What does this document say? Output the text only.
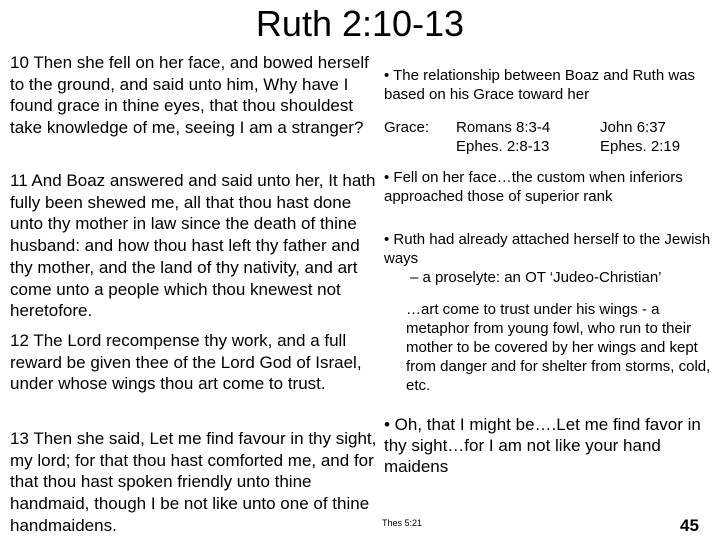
Ruth 2:10-13

10 Then she fell on her face, and bowed herself to the ground, and said unto him, Why have I found grace in thine eyes, that thou shouldest take knowledge of me, seeing I am a stranger?

11 And Boaz answered and said unto her, It hath fully been shewed me, all that thou hast done unto thy mother in law since the death of thine husband: and how thou hast left thy father and thy mother, and the land of thy nativity, and art come unto a people which thou knewest not heretofore.

12 The Lord recompense thy work, and a full reward be given thee of the Lord God of Israel, under whose wings thou art come to trust.

13 Then she said, Let me find favour in thy sight, my lord; for that thou hast comforted me, and for that thou hast spoken friendly unto thine handmaid, though I be not like unto one of thine handmaidens.

• The relationship between Boaz and Ruth was based on his Grace toward her
Grace: Romans 8:3-4
Ephes. 2:8-13
John 6:37
Ephes. 2:19
• Fell on her face…the custom when inferiors approached those of superior rank
• Ruth had already attached herself to the Jewish ways
– a proselyte: an OT ‘Judeo-Christian’
…art come to trust under his wings - a metaphor from young fowl, who run to their mother to be covered by her wings and kept from danger and for shelter from storms, cold, etc.
• Oh, that I might be….Let me find favor in thy sight…for I am not like your hand maidens
Thes 5:21	45
